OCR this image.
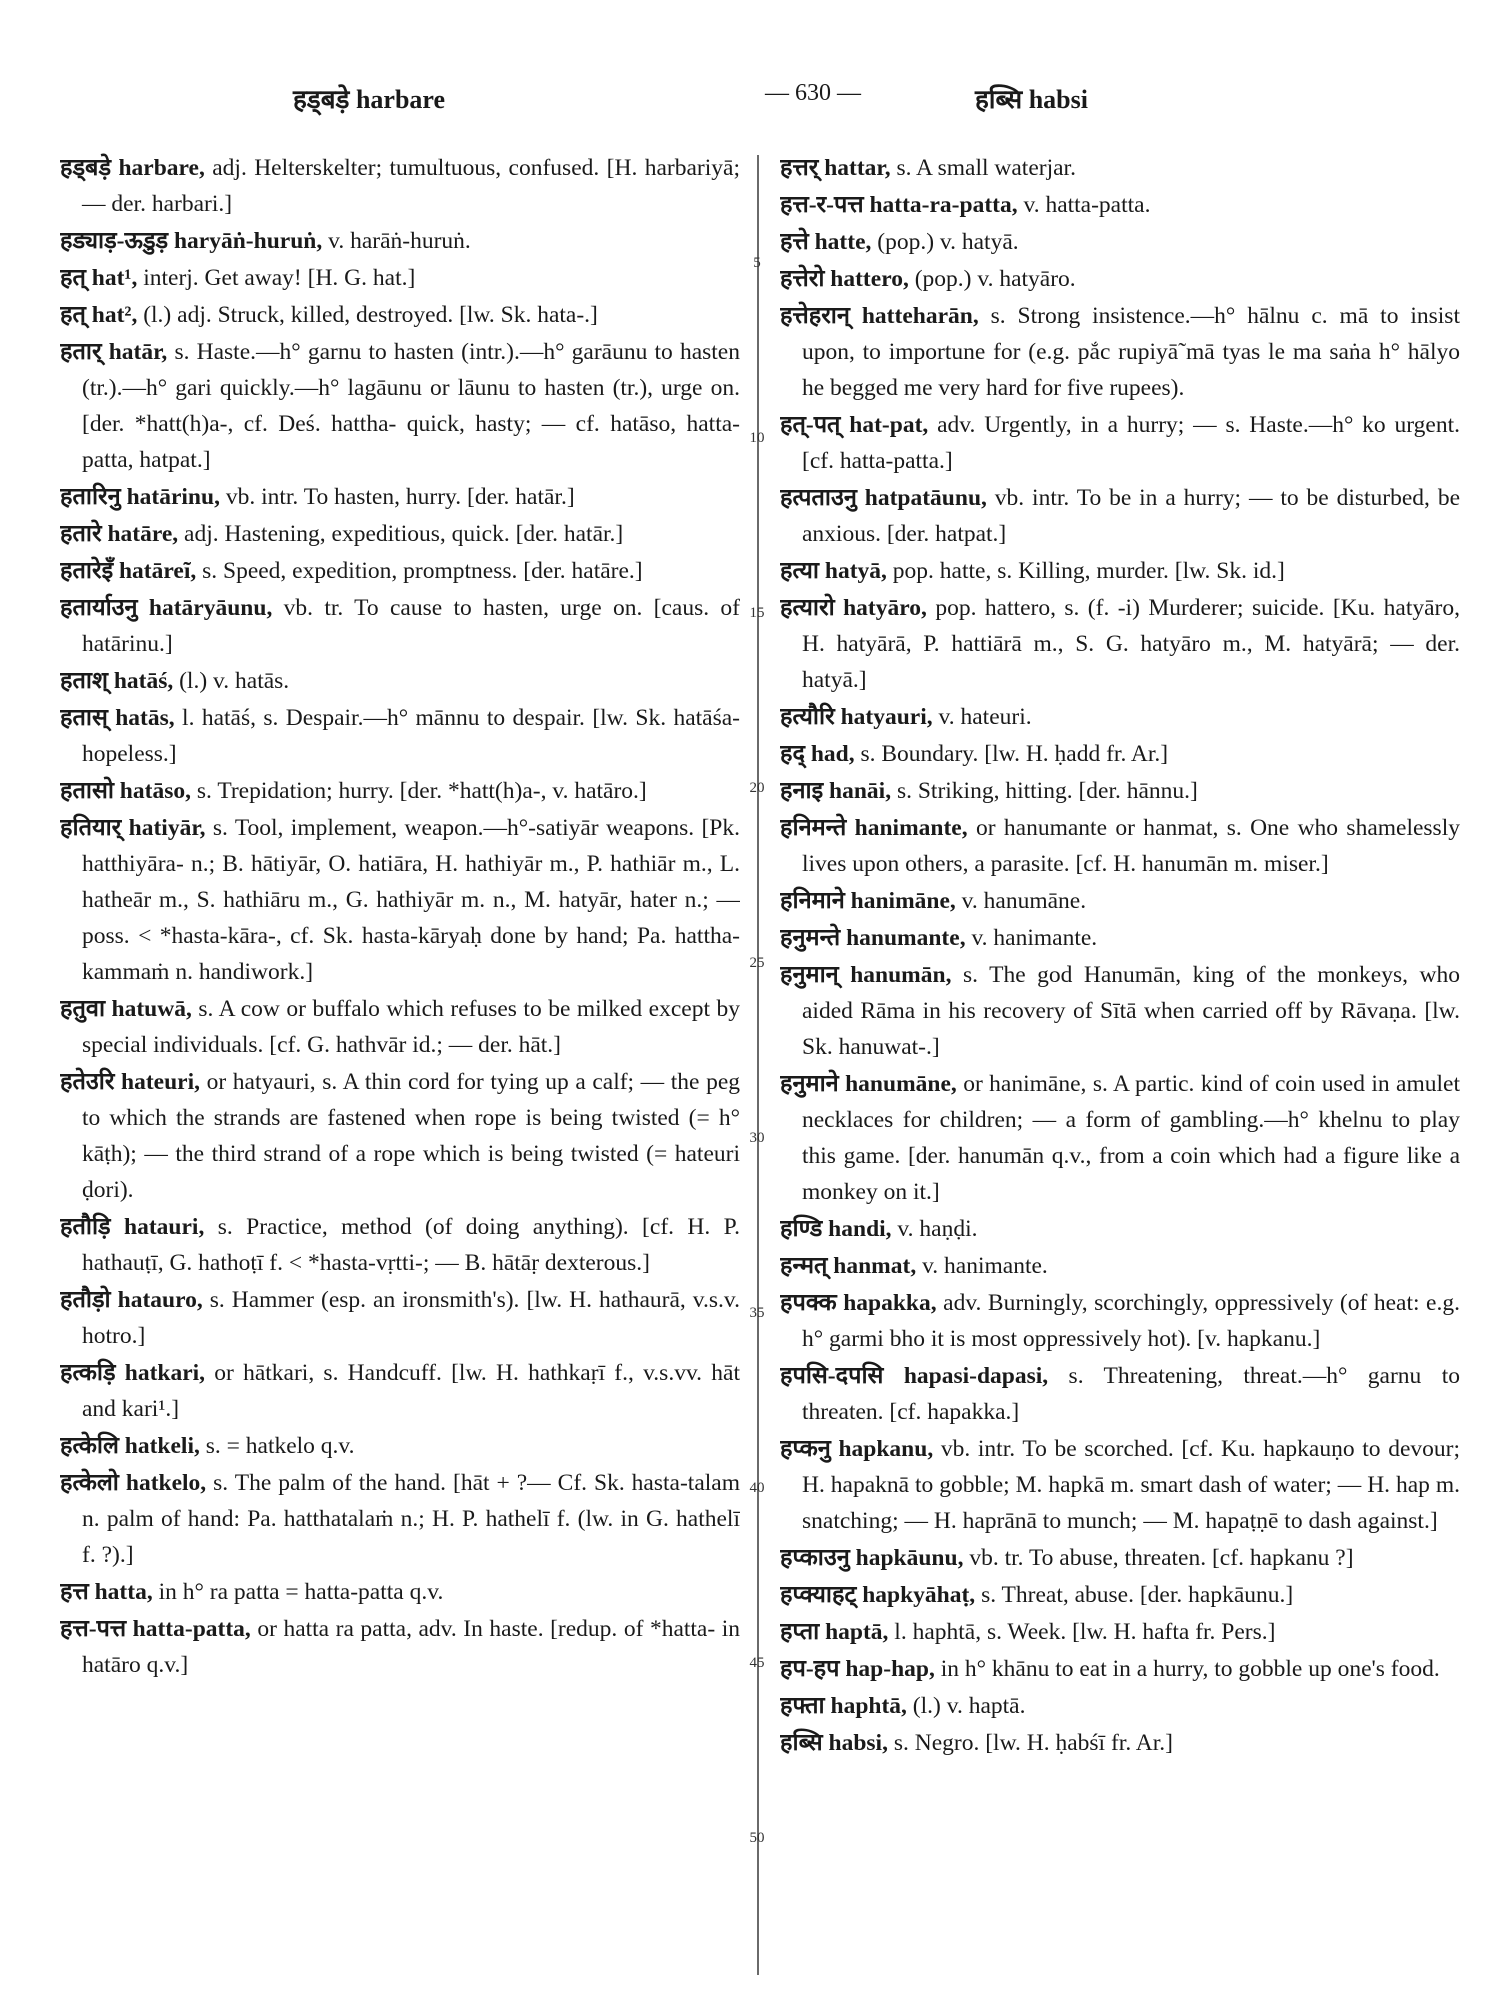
हड्बड़े harbare	— 630 —	हब्सि habsi

हड्बड़े harbare, adj. Helterskelter; tumultuous, confused. [H. harbariyā; — der. harbari.]

हड्याड़-ऊडुड़ haryāṅ-huruṅ, v. harāṅ-huruṅ.

हत् hat¹, interj. Get away! [H. G. hat.]

हत् hat², (l.) adj. Struck, killed, destroyed. [lw. Sk. hata-.]

हतार् hatār, s. Haste.—h° garnu to hasten (intr.).—h° garāunu to hasten (tr.).—h° gari quickly.—h° lagāunu or lāunu to hasten (tr.), urge on. [der. *hatt(h)a-, cf. Deś. hattha- quick, hasty; — cf. hatāso, hatta-patta, hatpat.]

हतारिनु hatārinu, vb. intr. To hasten, hurry. [der. hatār.]

हतारे hatāre, adj. Hastening, expeditious, quick. [der. hatār.]

हतारेइँ hatāreĩ, s. Speed, expedition, promptness. [der. hatāre.]

हतार्याउनु hatāryāunu, vb. tr. To cause to hasten, urge on. [caus. of hatārinu.]

हताश् hatāś, (l.) v. hatās.

हतास् hatās, l. hatāś, s. Despair.—h° mānnu to despair. [lw. Sk. hatāśa- hopeless.]

हतासो hatāso, s. Trepidation; hurry. [der. *hatt(h)a-, v. hatāro.]

हतियार् hatiyār, s. Tool, implement, weapon.—h°-satiyār weapons. [Pk. hatthiyāra- n.; B. hātiyār, O. hatiāra, H. hathiyār m., P. hathiār m., L. hatheār m., S. hathiāru m., G. hathiyār m. n., M. hatyār, hater n.; — poss. < *hasta-kāra-, cf. Sk. hasta-kāryaḥ done by hand; Pa. hattha-kammaṁ n. handiwork.]

हतुवा hatuwā, s. A cow or buffalo which refuses to be milked except by special individuals. [cf. G. hathvār id.; — der. hāt.]

हतेउरि hateuri, or hatyauri, s. A thin cord for tying up a calf; — the peg to which the strands are fastened when rope is being twisted (= h° kāṭh); — the third strand of a rope which is being twisted (= hateuri ḍori).

हतौड़ि hatauri, s. Practice, method (of doing anything). [cf. H. P. hathauṭī, G. hathoṭī f. < *hasta-vṛtti-; — B. hātāṛ dexterous.]

हतौड़ो hatauro, s. Hammer (esp. an ironsmith's). [lw. H. hathaurā, v.s.v. hotro.]

हत्कड़ि hatkari, or hātkari, s. Handcuff. [lw. H. hathkaṛī f., v.s.vv. hāt and kari¹.]

हत्केलि hatkeli, s. = hatkelo q.v.

हत्केलो hatkelo, s. The palm of the hand. [hāt + ?— Cf. Sk. hasta-talam n. palm of hand: Pa. hatthatalaṁ n.; H. P. hathelī f. (lw. in G. hathelī f. ?).]

हत्त hatta, in h° ra patta = hatta-patta q.v.

हत्त-पत्त hatta-patta, or hatta ra patta, adv. In haste. [redup. of *hatta- in hatāro q.v.]

5
10
15
20
25
30
35
40
45
50

हत्तर् hattar, s. A small waterjar.

हत्त-र-पत्त hatta-ra-patta, v. hatta-patta.

हत्ते hatte, (pop.) v. hatyā.

हत्तेरो hattero, (pop.) v. hatyāro.

हत्तेहरान् hatteharān, s. Strong insistence.—h° hālnu c. mā to insist upon, to importune for (e.g. pắc rupiyā̃ mā tyas le ma saṅa h° hālyo he begged me very hard for five rupees).

हत्-पत् hat-pat, adv. Urgently, in a hurry; — s. Haste.—h° ko urgent. [cf. hatta-patta.]

हत्पताउनु hatpatāunu, vb. intr. To be in a hurry; — to be disturbed, be anxious. [der. hatpat.]

हत्या hatyā, pop. hatte, s. Killing, murder. [lw. Sk. id.]

हत्यारो hatyāro, pop. hattero, s. (f. -i) Murderer; suicide. [Ku. hatyāro, H. hatyārā, P. hattiārā m., S. G. hatyāro m., M. hatyārā; — der. hatyā.]

हत्यौरि hatyauri, v. hateuri.

हद् had, s. Boundary. [lw. H. ḥadd fr. Ar.]

हनाइ hanāi, s. Striking, hitting. [der. hānnu.]

हनिमन्ते hanimante, or hanumante or hanmat, s. One who shamelessly lives upon others, a parasite. [cf. H. hanumān m. miser.]

हनिमाने hanimāne, v. hanumāne.

हनुमन्ते hanumante, v. hanimante.

हनुमान् hanumān, s. The god Hanumān, king of the monkeys, who aided Rāma in his recovery of Sītā when carried off by Rāvaṇa. [lw. Sk. hanuwat-.]

हनुमाने hanumāne, or hanimāne, s. A partic. kind of coin used in amulet necklaces for children; — a form of gambling.—h° khelnu to play this game. [der. hanumān q.v., from a coin which had a figure like a monkey on it.]

हण्डि handi, v. haṇḍi.

हन्मत् hanmat, v. hanimante.

हपक्क hapakka, adv. Burningly, scorchingly, oppressively (of heat: e.g. h° garmi bho it is most oppressively hot). [v. hapkanu.]

हपसि-दपसि hapasi-dapasi, s. Threatening, threat.—h° garnu to threaten. [cf. hapakka.]

हप्कनु hapkanu, vb. intr. To be scorched. [cf. Ku. hapkauṇo to devour; H. hapaknā to gobble; M. hapkā m. smart dash of water; — H. hap m. snatching; — H. haprānā to munch; — M. hapaṭṇē to dash against.]

हप्काउनु hapkāunu, vb. tr. To abuse, threaten. [cf. hapkanu ?]

हप्क्याहट् hapkyāhaṭ, s. Threat, abuse. [der. hapkāunu.]

हप्ता haptā, l. haphtā, s. Week. [lw. H. hafta fr. Pers.]

हप-हप hap-hap, in h° khānu to eat in a hurry, to gobble up one's food.

हफ्ता haphtā, (l.) v. haptā.

हब्सि habsi, s. Negro. [lw. H. ḥabśī fr. Ar.]
